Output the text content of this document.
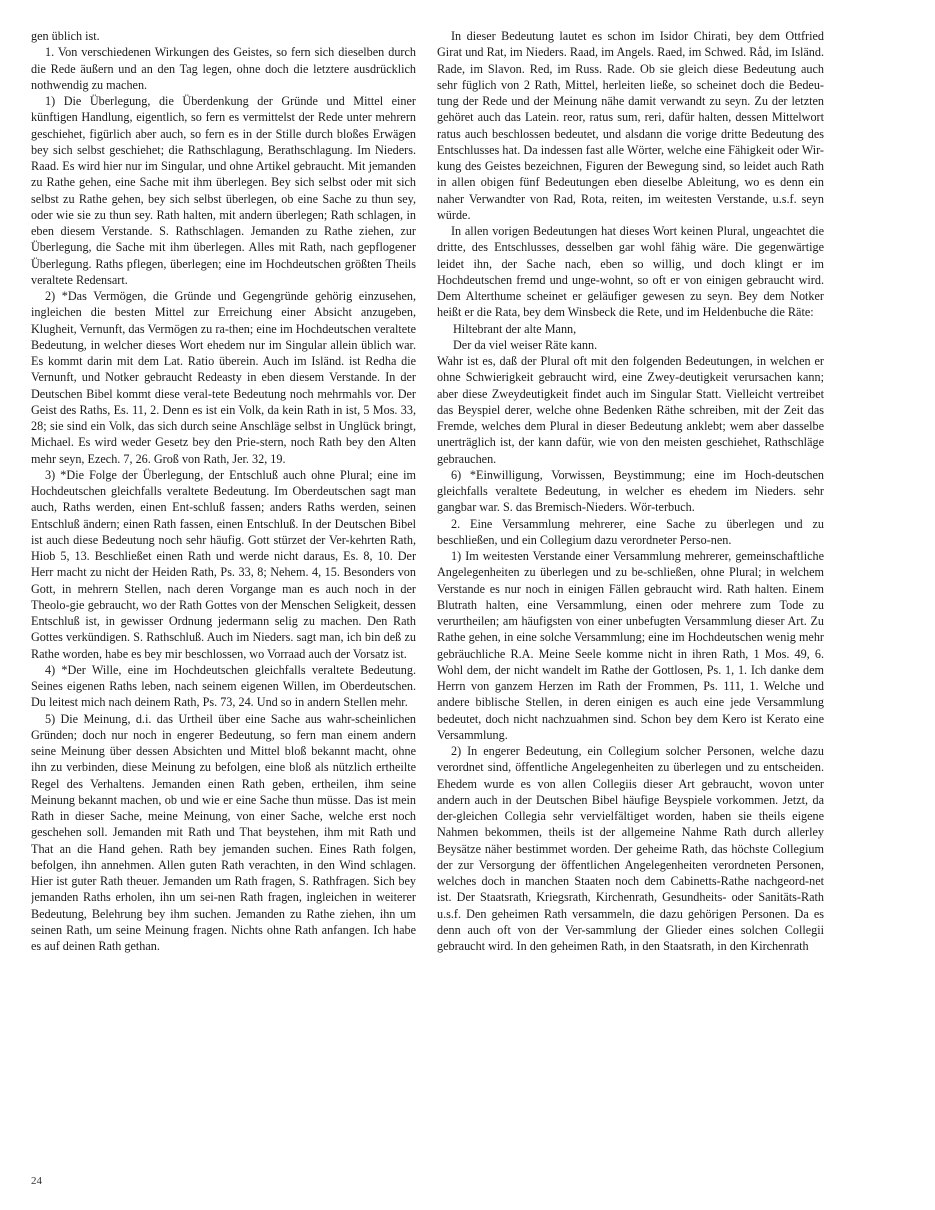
gen üblich ist.

1. Von verschiedenen Wirkungen des Geistes, so fern sich dieselben durch die Rede äußern und an den Tag legen, ohne doch die letztere ausdrücklich nothwendig zu machen.

1) Die Überlegung, die Überdenkung der Gründe und Mittel einer künftigen Handlung, eigentlich, so fern es vermittelst der Rede unter mehrern geschiehet, figürlich aber auch, so fern es in der Stille durch bloßes Erwägen bey sich selbst geschiehet; die Rathschlagung, Berathschlagung. Im Nieders. Raad. Es wird hier nur im Singular, und ohne Artikel gebraucht. Mit jemanden zu Rathe gehen, eine Sache mit ihm überlegen. Bey sich selbst oder mit sich selbst zu Rathe gehen, bey sich selbst überlegen, ob eine Sache zu thun sey, oder wie sie zu thun sey. Rath halten, mit andern überlegen; Rath schlagen, in eben diesem Verstande. S. Rathschlagen. Jemanden zu Rathe ziehen, zur Überlegung, die Sache mit ihm überlegen. Alles mit Rath, nach gepflogener Überlegung. Raths pflegen, überlegen; eine im Hochdeutschen größten Theils veraltete Redensart.

2) *Das Vermögen, die Gründe und Gegengründe gehörig einzusehen, ingleichen die besten Mittel zur Erreichung einer Absicht anzugeben, Klugheit, Vernunft, das Vermögen zu ra-then; eine im Hochdeutschen veraltete Bedeutung, in welcher dieses Wort ehedem nur im Singular allein üblich war. Es kommt darin mit dem Lat. Ratio überein. Auch im Isländ. ist Redha die Vernunft, und Notker gebraucht Redeasty in eben diesem Verstande. In der Deutschen Bibel kommt diese veral-tete Bedeutung noch mehrmahls vor. Der Geist des Raths, Es. 11, 2. Denn es ist ein Volk, da kein Rath in ist, 5 Mos. 33, 28; sie sind ein Volk, das sich durch seine Anschläge selbst in Unglück bringt, Michael. Es wird weder Gesetz bey den Prie-stern, noch Rath bey den Alten mehr seyn, Ezech. 7, 26. Groß von Rath, Jer. 32, 19.

3) *Die Folge der Überlegung, der Entschluß auch ohne Plural; eine im Hochdeutschen gleichfalls veraltete Bedeutung. Im Oberdeutschen sagt man auch, Raths werden, einen Ent-schluß fassen; anders Raths werden, seinen Entschluß ändern; einen Rath fassen, einen Entschluß. In der Deutschen Bibel ist auch diese Bedeutung noch sehr häufig. Gott stürzet der Ver-kehrten Rath, Hiob 5, 13. Beschließet einen Rath und werde nicht daraus, Es. 8, 10. Der Herr macht zu nicht der Heiden Rath, Ps. 33, 8; Nehem. 4, 15. Besonders von Gott, in mehrern Stellen, nach deren Vorgange man es auch noch in der Theolo-gie gebraucht, wo der Rath Gottes von der Menschen Seligkeit, dessen Entschluß ist, in gewisser Ordnung jedermann selig zu machen. Den Rath Gottes verkündigen. S. Rathschluß. Auch im Nieders. sagt man, ich bin deß zu Rathe worden, habe es bey mir beschlossen, wo Vorraad auch der Vorsatz ist.

4) *Der Wille, eine im Hochdeutschen gleichfalls veraltete Bedeutung. Seines eigenen Raths leben, nach seinem eigenen Willen, im Oberdeutschen. Du leitest mich nach deinem Rath, Ps. 73, 24. Und so in andern Stellen mehr.

5) Die Meinung, d.i. das Urtheil über eine Sache aus wahr-scheinlichen Gründen; doch nur noch in engerer Bedeutung, so fern man einem andern seine Meinung über dessen Absichten und Mittel bloß bekannt macht, ohne ihn zu verbinden, diese Meinung zu befolgen, eine bloß als nützlich ertheilte Regel des Verhaltens. Jemanden einen Rath geben, ertheilen, ihm seine Meinung bekannt machen, ob und wie er eine Sache thun müsse. Das ist mein Rath in dieser Sache, meine Meinung, von einer Sache, welche erst noch geschehen soll. Jemanden mit Rath und That beystehen, ihm mit Rath und That an die Hand gehen. Rath bey jemanden suchen. Eines Rath folgen, befolgen, ihn annehmen. Allen guten Rath verachten, in den Wind schlagen. Hier ist guter Rath theuer. Jemanden um Rath fragen, S. Rathfragen. Sich bey jemanden Raths erholen, ihn um sei-nen Rath fragen, ingleichen in weiterer Bedeutung, Belehrung bey ihm suchen. Jemanden zu Rathe ziehen, ihn um seinen Rath, um seine Meinung fragen. Nichts ohne Rath anfangen. Ich habe es auf deinen Rath gethan.

In dieser Bedeutung lautet es schon im Isidor Chirati, bey dem Ottfried Girat und Rat, im Nieders. Raad, im Angels. Raed, im Schwed. Råd, im Isländ. Rade, im Slavon. Red, im Russ. Rade. Ob sie gleich diese Bedeutung auch sehr füglich von 2 Rath, Mittel, herleiten ließe, so scheinet doch die Bedeu-tung der Rede und der Meinung nähe damit verwandt zu seyn. Zu der letzten gehöret auch das Latein. reor, ratus sum, reri, dafür halten, dessen Mittelwort ratus auch beschlossen bedeutet, und alsdann die vorige dritte Bedeutung des Entschlusses hat. Da indessen fast alle Wörter, welche eine Fähigkeit oder Wir-kung des Geistes bezeichnen, Figuren der Bewegung sind, so leidet auch Rath in allen obigen fünf Bedeutungen eben dieselbe Ableitung, wo es denn ein naher Verwandter von Rad, Rota, reiten, im weitesten Verstande, u.s.f. seyn würde.

In allen vorigen Bedeutungen hat dieses Wort keinen Plural, ungeachtet die dritte, des Entschlusses, desselben gar wohl fähig wäre. Die gegenwärtige leidet ihn, der Sache nach, eben so willig, und doch klingt er im Hochdeutschen fremd und unge-wohnt, so oft er von einigen gebraucht wird. Dem Alterthume scheinet er geläufiger gewesen zu seyn. Bey dem Notker heißt er die Rata, bey dem Winsbeck die Rete, und im Heldenbuche die Räte:

Hiltebrant der alte Mann,

Der da viel weiser Räte kann.

Wahr ist es, daß der Plural oft mit den folgenden Bedeutungen, in welchen er ohne Schwierigkeit gebraucht wird, eine Zwey-deutigkeit verursachen kann; aber diese Zweydeutigkeit findet auch im Singular Statt. Vielleicht vertreibet das Beyspiel derer, welche ohne Bedenken Räthe schreiben, mit der Zeit das Fremde, welches dem Plural in dieser Bedeutung anklebt; wem aber dasselbe unerträglich ist, der kann dafür, wie von den meisten geschiehet, Rathschläge gebrauchen.

6) *Einwilligung, Vorwissen, Beystimmung; eine im Hoch-deutschen gleichfalls veraltete Bedeutung, in welcher es ehedem im Nieders. sehr gangbar war. S. das Bremisch-Nieders. Wör-terbuch.

2. Eine Versammlung mehrerer, eine Sache zu überlegen und zu beschließen, und ein Collegium dazu verordneter Perso-nen.

1) Im weitesten Verstande einer Versammlung mehrerer, gemeinschaftliche Angelegenheiten zu überlegen und zu be-schließen, ohne Plural; in welchem Verstande es nur noch in einigen Fällen gebraucht wird. Rath halten. Einem Blutrath halten, eine Versammlung, einen oder mehrere zum Tode zu verurtheilen; am häufigsten von einer unbefugten Versammlung dieser Art. Zu Rathe gehen, in eine solche Versammlung; eine im Hochdeutschen wenig mehr gebräuchliche R.A. Meine Seele komme nicht in ihren Rath, 1 Mos. 49, 6. Wohl dem, der nicht wandelt im Rathe der Gottlosen, Ps. 1, 1. Ich danke dem Herrn von ganzem Herzen im Rath der Frommen, Ps. 111, 1. Welche und andere biblische Stellen, in deren einigen es auch eine jede Versammlung bedeutet, doch nicht nachzuahmen sind. Schon bey dem Kero ist Kerato eine Versammlung.

2) In engerer Bedeutung, ein Collegium solcher Personen, welche dazu verordnet sind, öffentliche Angelegenheiten zu überlegen und zu entscheiden. Ehedem wurde es von allen Collegiis dieser Art gebraucht, wovon unter andern auch in der Deutschen Bibel häufige Beyspiele vorkommen. Jetzt, da der-gleichen Collegia sehr vervielfältiget worden, haben sie theils eigene Nahmen bekommen, theils ist der allgemeine Nahme Rath durch allerley Beysätze näher bestimmet worden. Der geheime Rath, das höchste Collegium der zur Versorgung der öffentlichen Angelegenheiten verordneten Personen, welches doch in manchen Staaten noch dem Cabinetts-Rathe nachgeord-net ist. Der Staatsrath, Kriegsrath, Kirchenrath, Gesundheits- oder Sanitäts-Rath u.s.f. Den geheimen Rath versammeln, die dazu gehörigen Personen. Da es denn auch oft von der Ver-sammlung der Glieder eines solchen Collegii gebraucht wird. In den geheimen Rath, in den Staatsrath, in den Kirchenrath

24
